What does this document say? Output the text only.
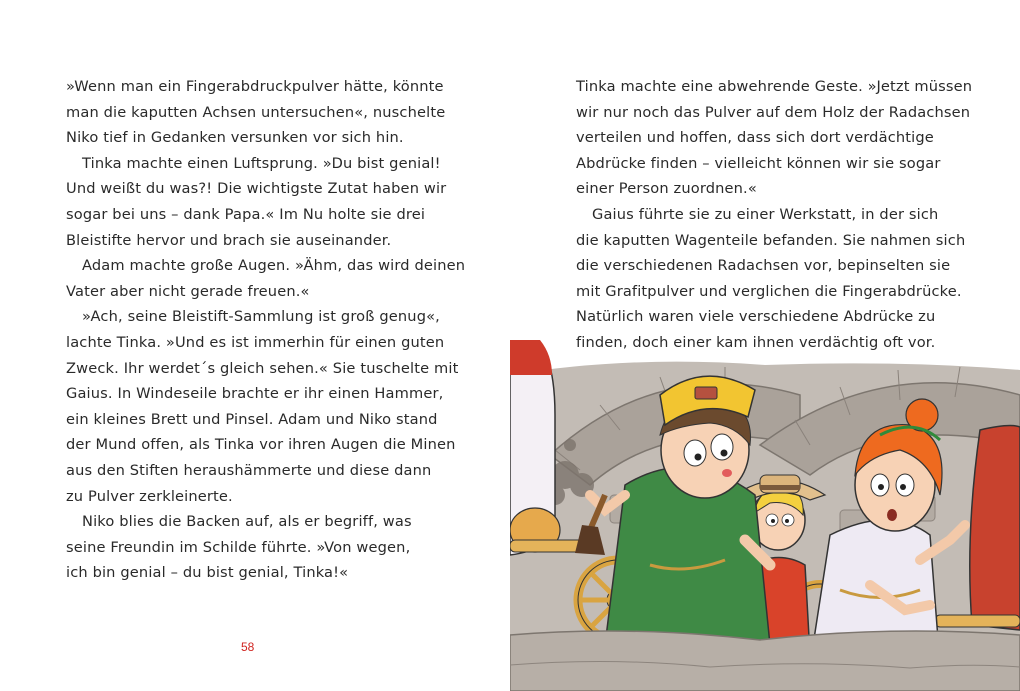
»Wenn man ein Fingerabdruckpulver hätte, könnte
man die kaputten Achsen untersuchen«, nuschelte
Niko tief in Gedanken versunken vor sich hin.
Tinka machte einen Luftsprung. »Du bist genial!
Und weißt du was?! Die wichtigste Zutat haben wir
sogar bei uns – dank Papa.« Im Nu holte sie drei
Bleistifte hervor und brach sie auseinander.
Adam machte große Augen. »Ähm, das wird deinen
Vater aber nicht gerade freuen.«
»Ach, seine Bleistift-Sammlung ist groß genug«,
lachte Tinka. »Und es ist immerhin für einen guten
Zweck. Ihr werdet´s gleich sehen.« Sie tuschelte mit
Gaius. In Windeseile brachte er ihr einen Hammer,
ein kleines Brett und Pinsel. Adam und Niko stand
der Mund offen, als Tinka vor ihren Augen die Minen
aus den Stiften heraushämmerte und diese dann
zu Pulver zerkleinerte.
Niko blies die Backen auf, als er begriff, was
seine Freundin im Schilde führte. »Von wegen,
ich bin genial – du bist genial, Tinka!«
58
Tinka machte eine abwehrende Geste. »Jetzt müssen
wir nur noch das Pulver auf dem Holz der Radachsen
verteilen und hoffen, dass sich dort verdächtige
Abdrücke finden – vielleicht können wir sie sogar
einer Person zuordnen.«
Gaius führte sie zu einer Werkstatt, in der sich
die kaputten Wagenteile befanden. Sie nahmen sich
die verschiedenen Radachsen vor, bepinselten sie
mit Grafitpulver und verglichen die Fingerabdrücke.
Natürlich waren viele verschiedene Abdrücke zu
finden, doch einer kam ihnen verdächtig oft vor.
